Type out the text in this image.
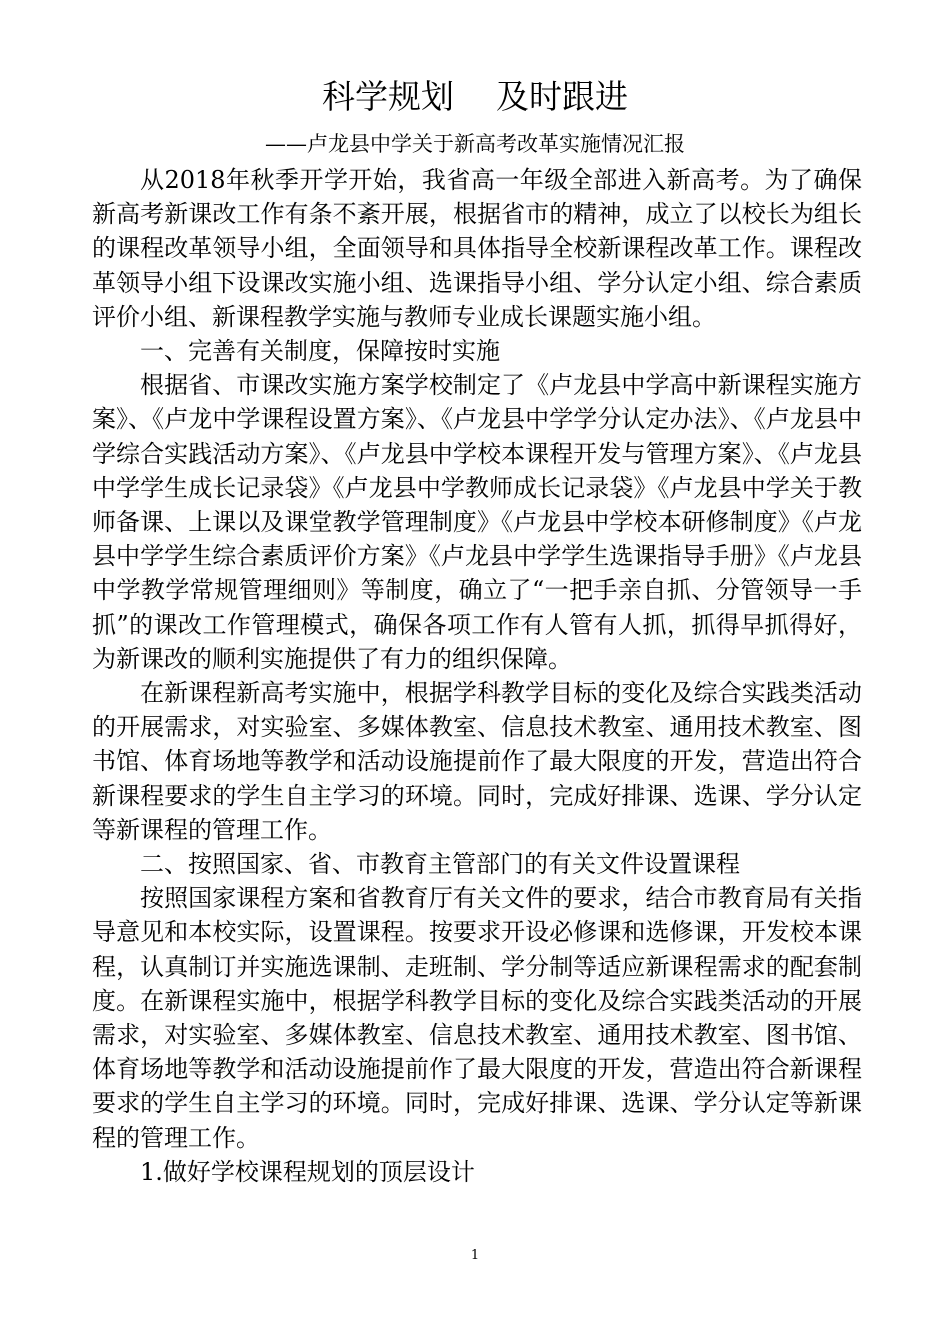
科学规划    及时跟进
——卢龙县中学关于新高考改革实施情况汇报

从2018年秋季开学开始，我省高一年级全部进入新高考。为了确保新高考新课改工作有条不紊开展，根据省市的精神，成立了以校长为组长的课程改革领导小组，全面领导和具体指导全校新课程改革工作。课程改革领导小组下设课改实施小组、选课指导小组、学分认定小组、综合素质评价小组、新课程教学实施与教师专业成长课题实施小组。

一、完善有关制度，保障按时实施

根据省、市课改实施方案学校制定了《卢龙县中学高中新课程实施方案》、《卢龙中学课程设置方案》、《卢龙县中学学分认定办法》、《卢龙县中学综合实践活动方案》、《卢龙县中学校本课程开发与管理方案》、《卢龙县中学学生成长记录袋》《卢龙县中学教师成长记录袋》《卢龙县中学关于教师备课、上课以及课堂教学管理制度》《卢龙县中学校本研修制度》《卢龙县中学学生综合素质评价方案》《卢龙县中学学生选课指导手册》《卢龙县中学教学常规管理细则》等制度，确立了“一把手亲自抓、分管领导一手抓”的课改工作管理模式，确保各项工作有人管有人抓，抓得早抓得好，为新课改的顺利实施提供了有力的组织保障。

在新课程新高考实施中，根据学科教学目标的变化及综合实践类活动的开展需求，对实验室、多媒体教室、信息技术教室、通用技术教室、图书馆、体育场地等教学和活动设施提前作了最大限度的开发，营造出符合新课程要求的学生自主学习的环境。同时，完成好排课、选课、学分认定等新课程的管理工作。

二、按照国家、省、市教育主管部门的有关文件设置课程

按照国家课程方案和省教育厅有关文件的要求，结合市教育局有关指导意见和本校实际，设置课程。按要求开设必修课和选修课，开发校本课程，认真制订并实施选课制、走班制、学分制等适应新课程需求的配套制度。在新课程实施中，根据学科教学目标的变化及综合实践类活动的开展需求，对实验室、多媒体教室、信息技术教室、通用技术教室、图书馆、体育场地等教学和活动设施提前作了最大限度的开发，营造出符合新课程要求的学生自主学习的环境。同时，完成好排课、选课、学分认定等新课程的管理工作。

1.做好学校课程规划的顶层设计

1
